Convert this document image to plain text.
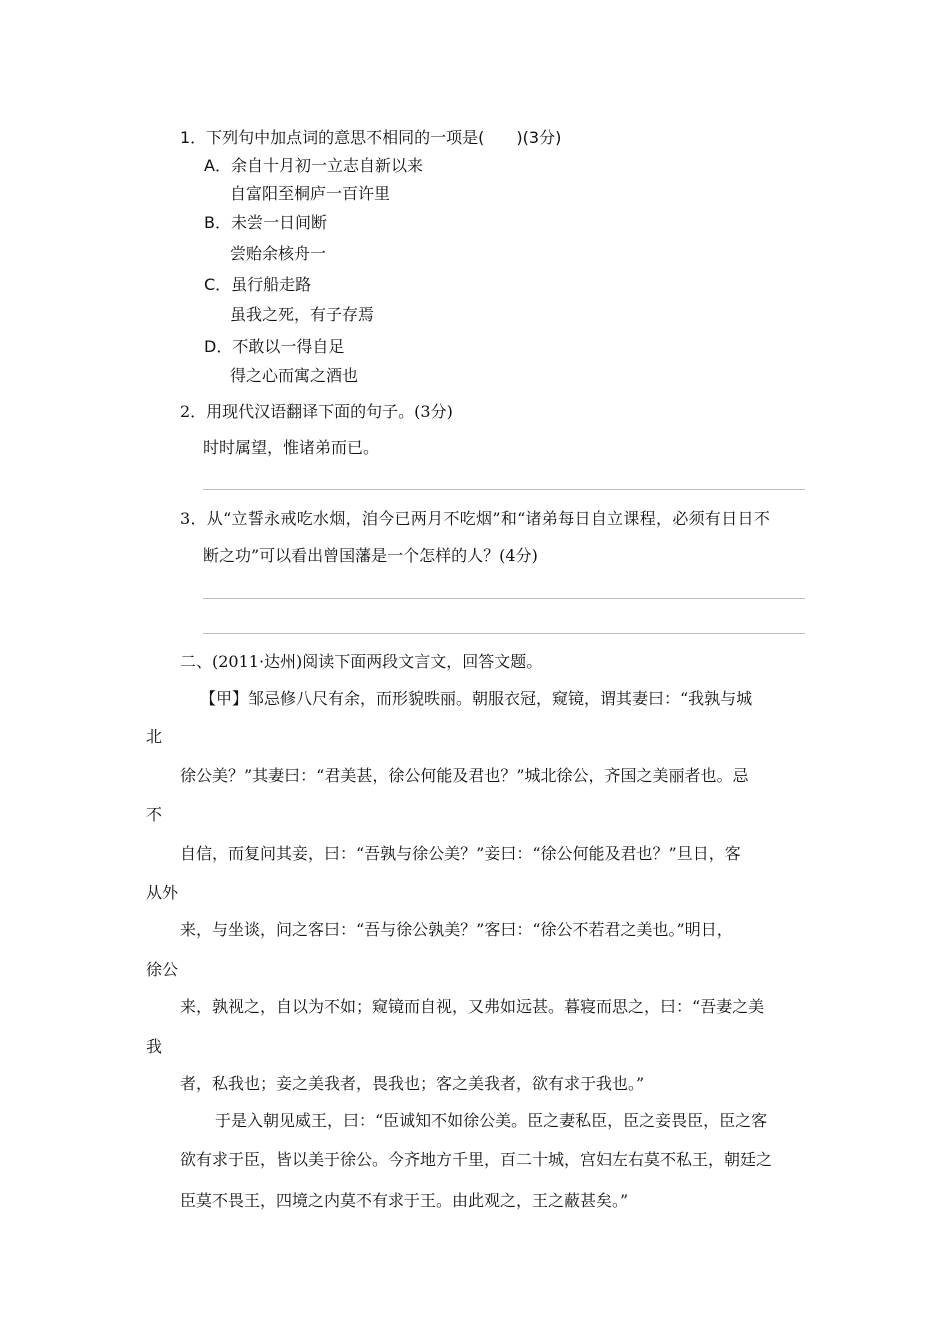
1．下列句中加点词的意思不相同的一项是(　　)(3分)
A．余自十月初一立志自新以来
自富阳至桐庐一百许里
B．未尝一日间断
尝贻余核舟一
C．虽行船走路
虽我之死，有子存焉
D．不敢以一得自足
得之心而寓之酒也
2．用现代汉语翻译下面的句子。(3分)
时时属望，惟诸弟而已。
3．从“立誓永戒吃水烟，洎今已两月不吃烟”和“诸弟每日自立课程，必须有日日不
断之功”可以看出曾国藩是一个怎样的人？(4分)
二、(2011·达州)阅读下面两段文言文，回答文题。
【甲】邹忌修八尺有余，而形貌昳丽。朝服衣冠，窥镜，谓其妻曰：“我孰与城
北
徐公美？”其妻曰：“君美甚，徐公何能及君也？”城北徐公，齐国之美丽者也。忌
不
自信，而复问其妾，曰：“吾孰与徐公美？”妾曰：“徐公何能及君也？”旦日，客
从外
来，与坐谈，问之客曰：“吾与徐公孰美？”客曰：“徐公不若君之美也。”明日，
徐公
来，孰视之，自以为不如；窥镜而自视，又弗如远甚。暮寝而思之，曰：“吾妻之美
我
者，私我也；妾之美我者，畏我也；客之美我者，欲有求于我也。”
于是入朝见威王，曰：“臣诚知不如徐公美。臣之妻私臣，臣之妾畏臣，臣之客
欲有求于臣，皆以美于徐公。今齐地方千里，百二十城，宫妇左右莫不私王，朝廷之
臣莫不畏王，四境之内莫不有求于王。由此观之，王之蔽甚矣。”
